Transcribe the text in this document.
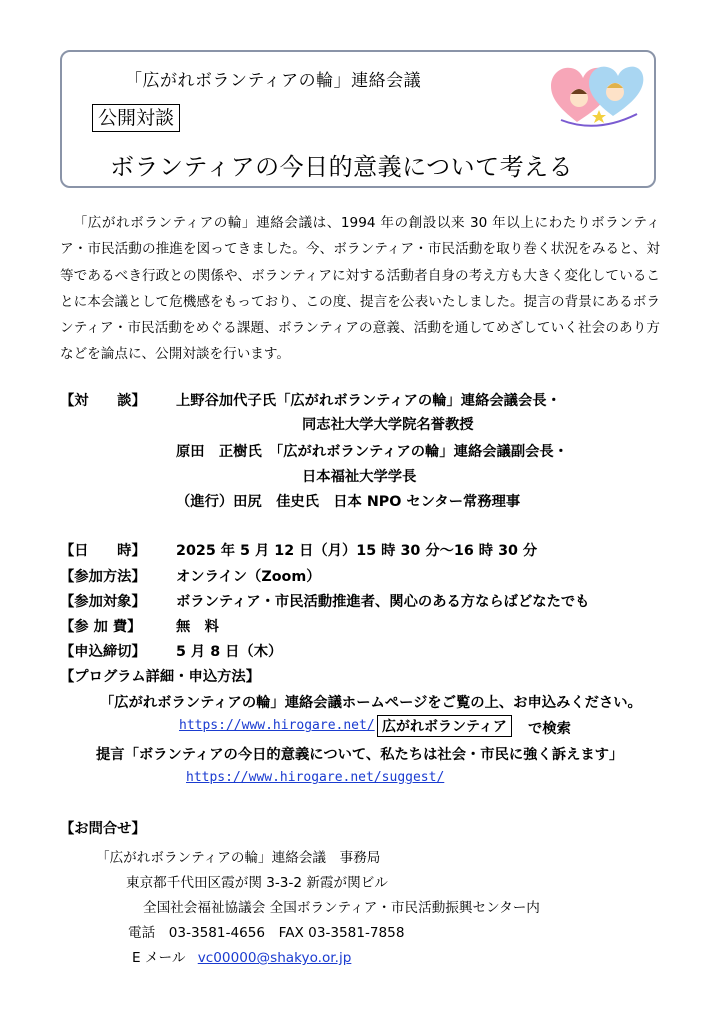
「広がれボランティアの輪」連絡会議
公開対談
ボランティアの今日的意義について考える
「広がれボランティアの輪」連絡会議は、1994 年の創設以来 30 年以上にわたりボランティア・市民活動の推進を図ってきました。今、ボランティア・市民活動を取り巻く状況をみると、対等であるべき行政との関係や、ボランティアに対する活動者自身の考え方も大きく変化していることに本会議として危機感をもっており、この度、提言を公表いたしました。提言の背景にあるボランティア・市民活動をめぐる課題、ボランティアの意義、活動を通してめざしていく社会のあり方などを論点に、公開対談を行います。
【対　　談】 上野谷加代子氏「広がれボランティアの輪」連絡会議会長・
同志社大学大学院名誉教授
原田　正樹氏　「広がれボランティアの輪」連絡会議副会長・
日本福祉大学学長
（進行）田尻　佳史氏　日本 NPO センター常務理事
【日　　時】 2025 年 5 月 12 日（月）15 時 30 分～16 時 30 分
【参加方法】 オンライン（Zoom）
【参加対象】 ボランティア・市民活動推進者、関心のある方ならばどなたでも
【参 加 費】 無　料
【申込締切】 5 月 8 日（木）
【プログラム詳細・申込方法】
「広がれボランティアの輪」連絡会議ホームページをご覧の上、お申込みください。
https://www.hirogare.net/ 広がれボランティア	で検索
提言「ボランティアの今日的意義について、私たちは社会・市民に強く訴えます」
https://www.hirogare.net/suggest/
【お問合せ】
「広がれボランティアの輪」連絡会議　事務局
東京都千代田区霞が関 3-3-2 新霞が関ビル
全国社会福祉協議会 全国ボランティア・市民活動振興センター内
電話　03-3581-4656　FAX 03-3581-7858
E メール vc00000@shakyo.or.jp
